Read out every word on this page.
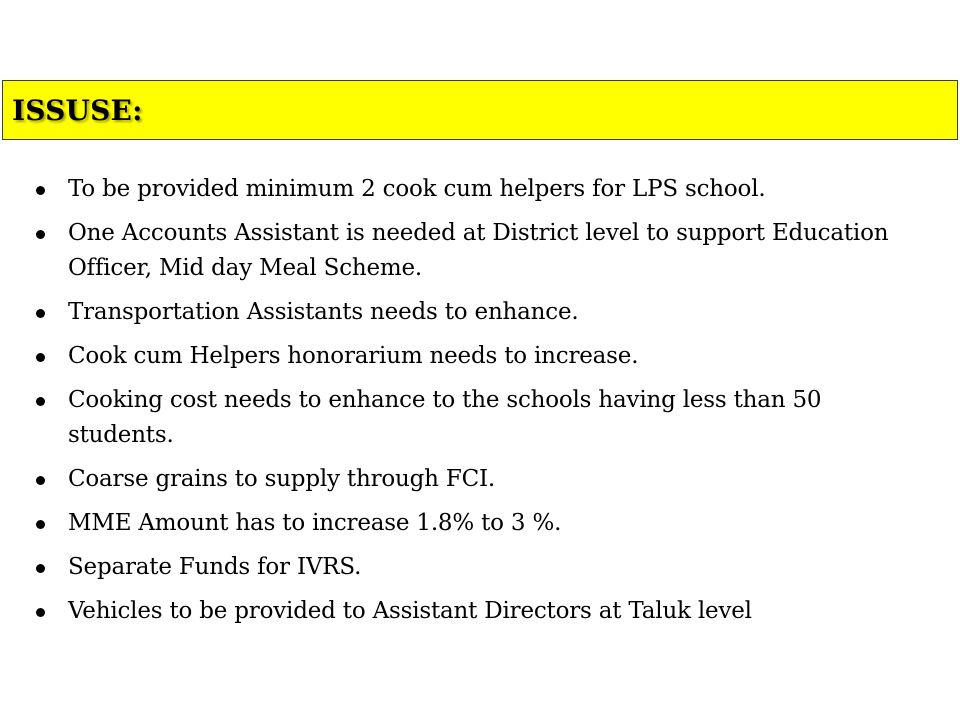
ISSUSE:
To be provided minimum 2 cook cum helpers for LPS school.
One Accounts Assistant is needed at District level to support Education Officer, Mid day Meal Scheme.
Transportation Assistants needs to enhance.
Cook cum Helpers honorarium needs to increase.
Cooking cost needs to enhance to the schools having less than 50 students.
Coarse grains to supply through FCI.
MME Amount has to increase 1.8% to 3 %.
Separate Funds for IVRS.
Vehicles to be provided to Assistant Directors at Taluk level
